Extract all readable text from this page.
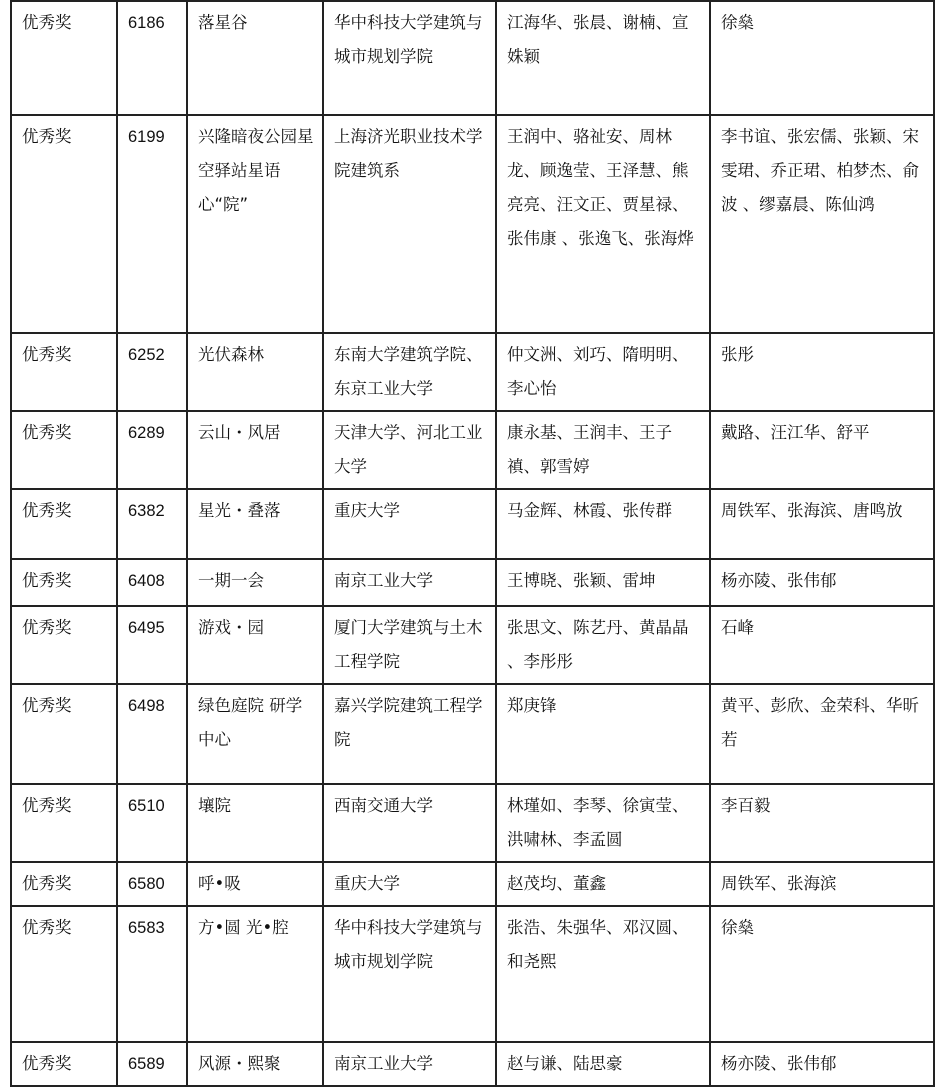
优秀奖	6186	落星谷	华中科技大学建筑与城市规划学院	江海华、张晨、谢楠、宣姝颖	徐燊
优秀奖	6199	兴隆暗夜公园星空驿站星语心“院”	上海济光职业技术学院建筑系	王润中、骆祉安、周林龙、顾逸莹、王泽慧、熊亮亮、汪文正、贾星禄、张伟康 、张逸飞、张海烨	李书谊、张宏儒、张颖、宋雯珺、乔正珺、柏梦杰、俞波 、缪嘉晨、陈仙鸿
优秀奖	6252	光伏森林	东南大学建筑学院、东京工业大学	仲文洲、刘巧、隋明明、李心怡	张彤
优秀奖	6289	云山・风居	天津大学、河北工业大学	康永基、王润丰、王子禛、郭雪婷	戴路、汪江华、舒平
优秀奖	6382	星光・叠落	重庆大学	马金辉、林霞、张传群	周铁军、张海滨、唐鸣放
优秀奖	6408	一期一会	南京工业大学	王博晓、张颖、雷坤	杨亦陵、张伟郁
优秀奖	6495	游戏・园	厦门大学建筑与土木工程学院	张思文、陈艺丹、黄晶晶 、李彤彤	石峰
优秀奖	6498	绿色庭院 研学中心	嘉兴学院建筑工程学院	郑庚锋	黄平、彭欣、金荣科、华昕若
优秀奖	6510	壤院	西南交通大学	林瑾如、李琴、徐寅莹、洪啸林、李孟圆	李百毅
优秀奖	6580	呼•吸	重庆大学	赵茂均、董鑫	周铁军、张海滨
优秀奖	6583	方•圆 光•腔	华中科技大学建筑与城市规划学院	张浩、朱强华、邓汉圆、和尧熙	徐燊
优秀奖	6589	风源・熙聚	南京工业大学	赵与谦、陆思豪	杨亦陵、张伟郁
